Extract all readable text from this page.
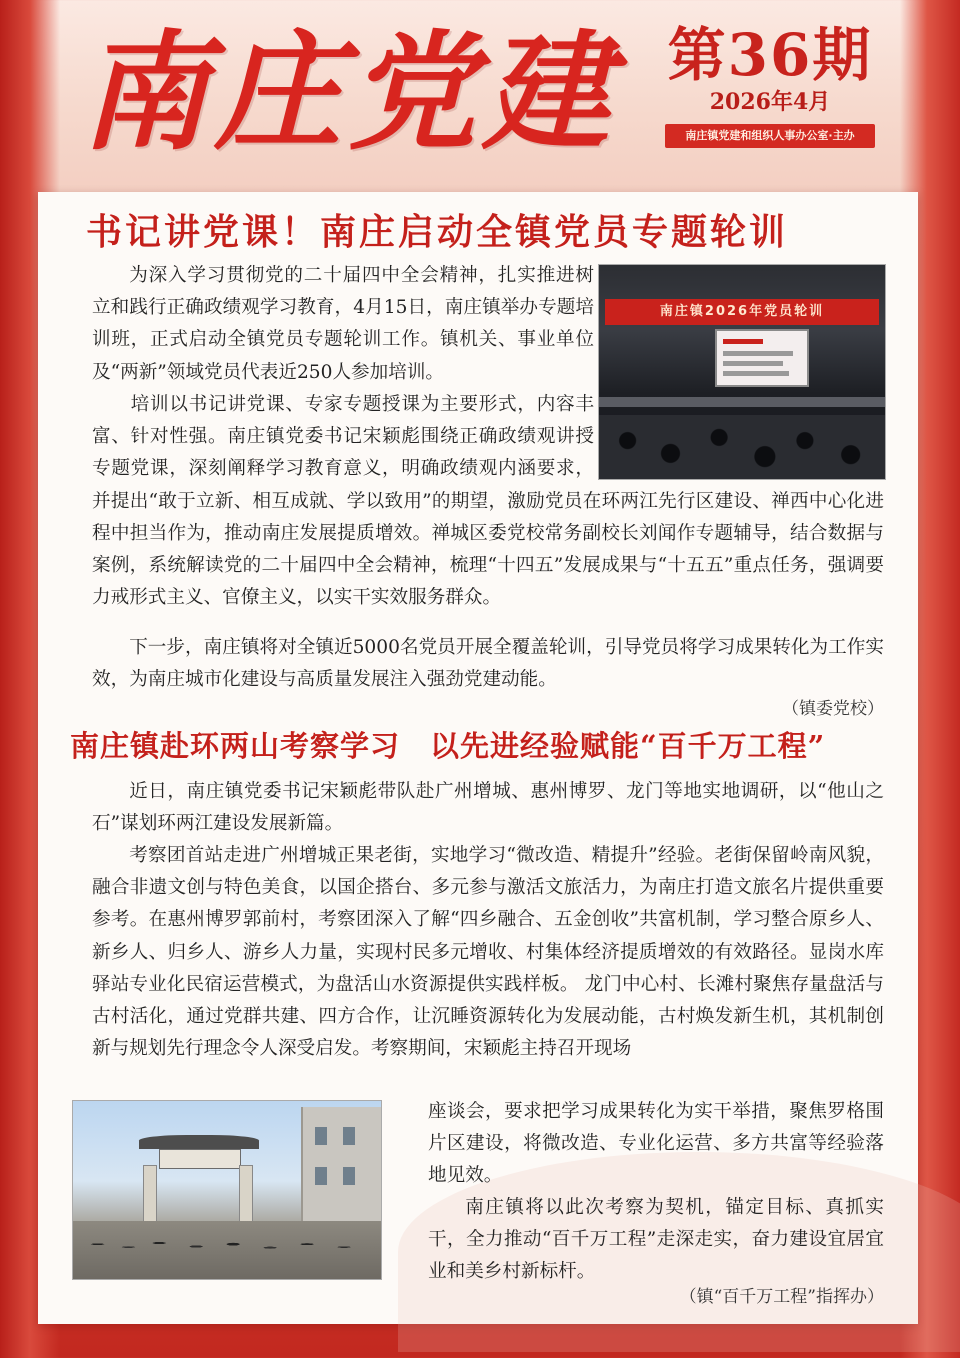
南庄党建 第36期
2026年4月
南庄镇党建和组织人事办公室·主办
书记讲党课！南庄启动全镇党员专题轮训
南庄镇2026年党员轮训

为深入学习贯彻党的二十届四中全会精神，扎实推进树立和践行正确政绩观学习教育，4月15日，南庄镇举办专题培训班，正式启动全镇党员专题轮训工作。镇机关、事业单位及“两新”领域党员代表近250人参加培训。

　　培训以书记讲党课、专家专题授课为主要形式，内容丰富、针对性强。南庄镇党委书记宋颖彪围绕正确政绩观讲授专题党课，深刻阐释学习教育意义，明确政绩观内涵要求，并提出“敢于立新、相互成就、学以致用”的期望，激励党员在环两江先行区建设、禅西中心化进程中担当作为，推动南庄发展提质增效。禅城区委党校常务副校长刘闻作专题辅导，结合数据与案例，系统解读党的二十届四中全会精神，梳理“十四五”发展成果与“十五五”重点任务，强调要力戒形式主义、官僚主义，以实干实效服务群众。

下一步，南庄镇将对全镇近5000名党员开展全覆盖轮训，引导党员将学习成果转化为工作实效，为南庄城市化建设与高质量发展注入强劲党建动能。

（镇委党校）
南庄镇赴环两山考察学习　以先进经验赋能“百千万工程”

近日，南庄镇党委书记宋颖彪带队赴广州增城、惠州博罗、龙门等地实地调研，以“他山之石”谋划环两江建设发展新篇。

考察团首站走进广州增城正果老街，实地学习“微改造、精提升”经验。老街保留岭南风貌，融合非遗文创与特色美食，以国企搭台、多元参与激活文旅活力，为南庄打造文旅名片提供重要参考。在惠州博罗郭前村，考察团深入了解“四乡融合、五金创收”共富机制，学习整合原乡人、新乡人、归乡人、游乡人力量，实现村民多元增收、村集体经济提质增效的有效路径。显岗水库驿站专业化民宿运营模式，为盘活山水资源提供实践样板。 龙门中心村、长滩村聚焦存量盘活与古村活化，通过党群共建、四方合作，让沉睡资源转化为发展动能，古村焕发新生机，其机制创新与规划先行理念令人深受启发。考察期间，宋颖彪主持召开现场

座谈会，要求把学习成果转化为实干举措，聚焦罗格围片区建设，将微改造、专业化运营、多方共富等经验落地见效。

南庄镇将以此次考察为契机，锚定目标、真抓实干，全力推动“百千万工程”走深走实，奋力建设宜居宜业和美乡村新标杆。

（镇“百千万工程”指挥办）
